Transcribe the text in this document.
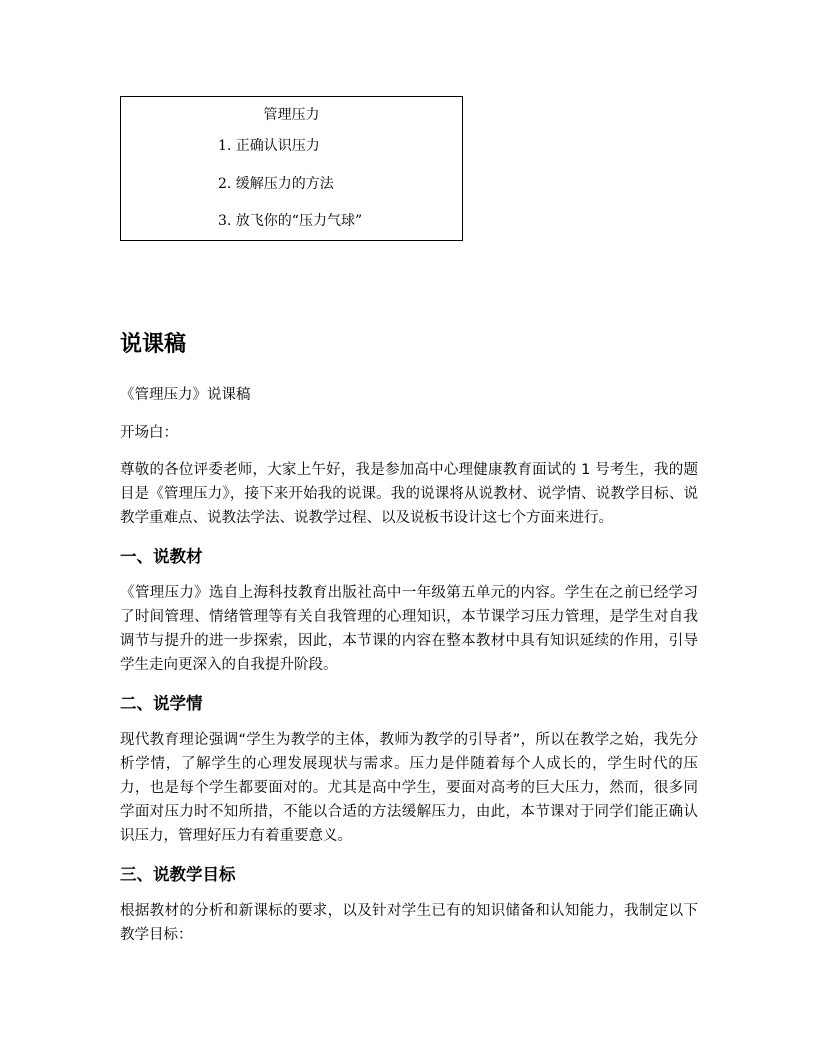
管理压力
1. 正确认识压力
2. 缓解压力的方法
3. 放飞你的“压力气球”
说课稿

《管理压力》说课稿

开场白：

尊敬的各位评委老师，大家上午好，我是参加高中心理健康教育面试的 1 号考生，我的题目是《管理压力》，接下来开始我的说课。我的说课将从说教材、说学情、说教学目标、说教学重难点、说教法学法、说教学过程、以及说板书设计这七个方面来进行。

一、说教材

《管理压力》选自上海科技教育出版社高中一年级第五单元的内容。学生在之前已经学习了时间管理、情绪管理等有关自我管理的心理知识，本节课学习压力管理，是学生对自我调节与提升的进一步探索，因此，本节课的内容在整本教材中具有知识延续的作用，引导学生走向更深入的自我提升阶段。

二、说学情

现代教育理论强调“学生为教学的主体，教师为教学的引导者”，所以在教学之始，我先分析学情，了解学生的心理发展现状与需求。压力是伴随着每个人成长的，学生时代的压力，也是每个学生都要面对的。尤其是高中学生，要面对高考的巨大压力，然而，很多同学面对压力时不知所措，不能以合适的方法缓解压力，由此，本节课对于同学们能正确认识压力，管理好压力有着重要意义。

三、说教学目标

根据教材的分析和新课标的要求，以及针对学生已有的知识储备和认知能力，我制定以下教学目标：
